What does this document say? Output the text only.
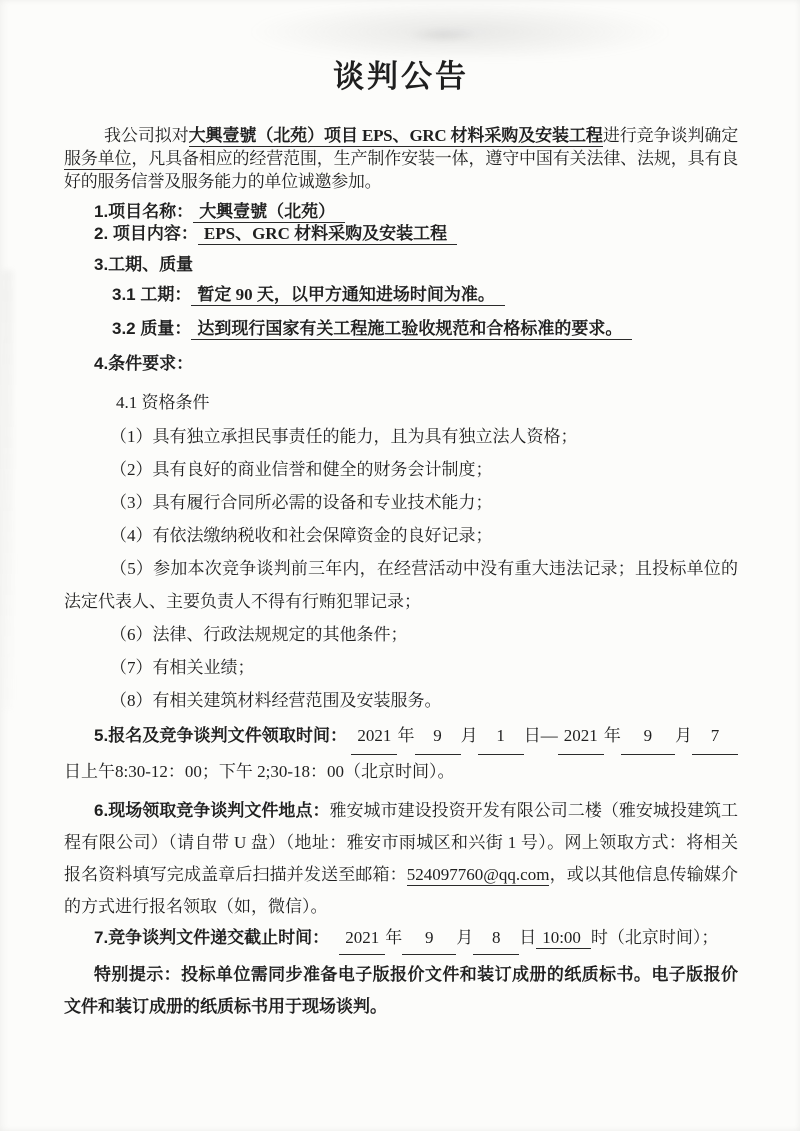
谈判公告

我公司拟对大興壹號（北苑）项目 EPS、GRC 材料采购及安装工程进行竞争谈判确定服务单位，凡具备相应的经营范围，生产制作安装一体，遵守中国有关法律、法规，具有良好的服务信誉及服务能力的单位诚邀参加。

1.项目名称： 大興壹號（北苑）
2. 项目内容： EPS、GRC 材料采购及安装工程
3.工期、质量
3.1 工期： 暂定 90 天，以甲方通知进场时间为准。
3.2 质量： 达到现行国家有关工程施工验收规范和合格标准的要求。
4.条件要求：
4.1 资格条件
（1）具有独立承担民事责任的能力，且为具有独立法人资格；
（2）具有良好的商业信誉和健全的财务会计制度；
（3）具有履行合同所必需的设备和专业技术能力；
（4）有依法缴纳税收和社会保障资金的良好记录；
（5）参加本次竞争谈判前三年内，在经营活动中没有重大违法记录；且投标单位的法定代表人、主要负责人不得有行贿犯罪记录；
（6）法律、行政法规规定的其他条件；
（7）有相关业绩；
（8）有相关建筑材料经营范围及安装服务。
5.报名及竞争谈判文件领取时间： 2021 年 9 月 1 日— 2021 年 9 月 7日上午8:30-12：00；下午 2;30-18：00（北京时间）。
6.现场领取竞争谈判文件地点：雅安城市建设投资开发有限公司二楼（雅安城投建筑工程有限公司）（请自带 U 盘）（地址：雅安市雨城区和兴街 1 号）。网上领取方式：将相关报名资料填写完成盖章后扫描并发送至邮箱：524097760@qq.com，或以其他信息传输媒介的方式进行报名领取（如，微信）。
7.竞争谈判文件递交截止时间： 2021 年 9 月 8 日 10:00 时（北京时间）；
特别提示：投标单位需同步准备电子版报价文件和装订成册的纸质标书。电子版报价文件和装订成册的纸质标书用于现场谈判。
